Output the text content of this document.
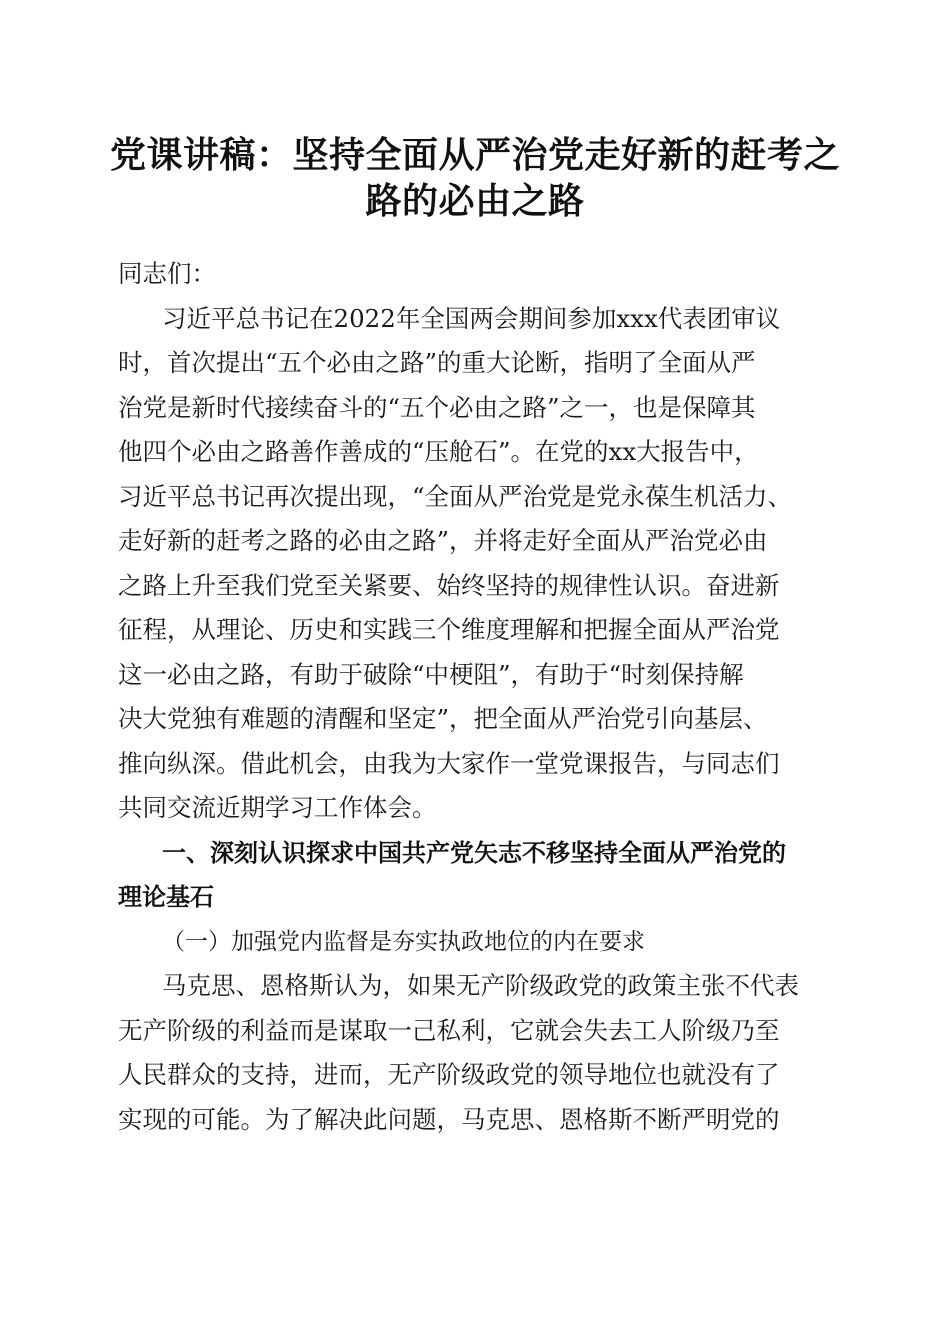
党课讲稿：坚持全面从严治党走好新的赶考之
路的必由之路
同志们：
习近平总书记在2022年全国两会期间参加xxx代表团审议
时，首次提出“五个必由之路”的重大论断，指明了全面从严
治党是新时代接续奋斗的“五个必由之路”之一，也是保障其
他四个必由之路善作善成的“压舱石”。在党的xx大报告中，
习近平总书记再次提出现，“全面从严治党是党永葆生机活力、
走好新的赶考之路的必由之路”，并将走好全面从严治党必由
之路上升至我们党至关紧要、始终坚持的规律性认识。奋进新
征程，从理论、历史和实践三个维度理解和把握全面从严治党
这一必由之路，有助于破除“中梗阻”，有助于“时刻保持解
决大党独有难题的清醒和坚定”，把全面从严治党引向基层、
推向纵深。借此机会，由我为大家作一堂党课报告，与同志们
共同交流近期学习工作体会。
一、深刻认识探求中国共产党矢志不移坚持全面从严治党的
理论基石
（一）加强党内监督是夯实执政地位的内在要求
马克思、恩格斯认为，如果无产阶级政党的政策主张不代表
无产阶级的利益而是谋取一己私利，它就会失去工人阶级乃至
人民群众的支持，进而，无产阶级政党的领导地位也就没有了
实现的可能。为了解决此问题，马克思、恩格斯不断严明党的
